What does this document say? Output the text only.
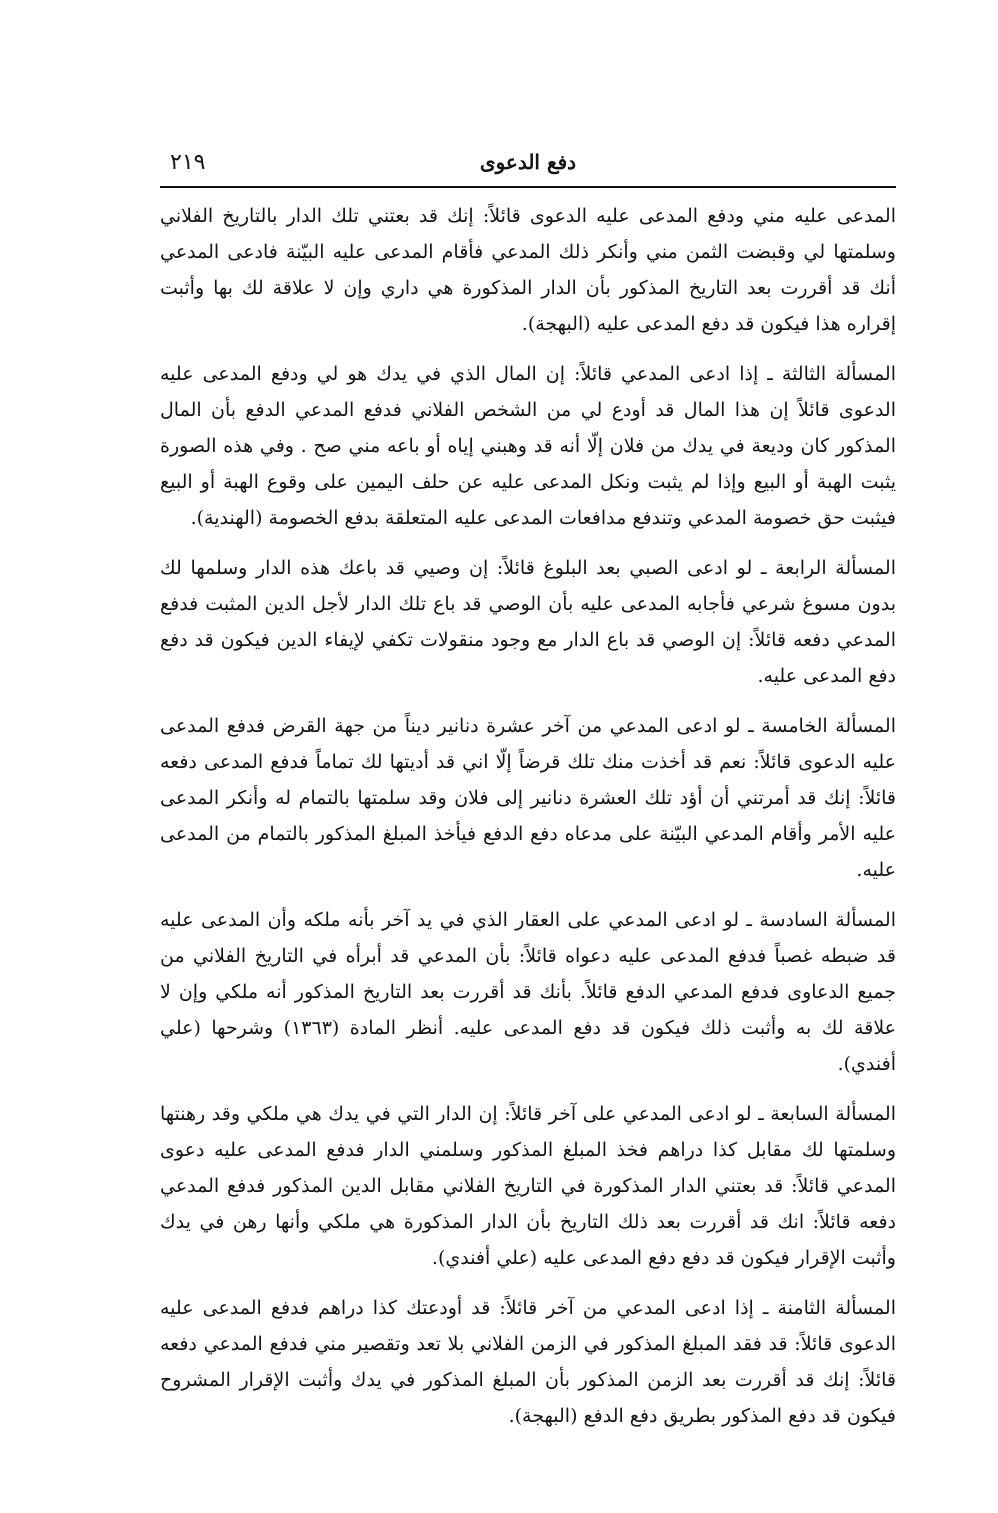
٢١٩	دفع الدعوى

المدعى عليه مني ودفع المدعى عليه الدعوى قائلاً: إنك قد بعتني تلك الدار بالتاريخ الفلاني وسلمتها لي وقبضت الثمن مني وأنكر ذلك المدعي فأقام المدعى عليه البيّنة فادعى المدعي أنك قد أقررت بعد التاريخ المذكور بأن الدار المذكورة هي داري وإن لا علاقة لك بها وأثبت إقراره هذا فيكون قد دفع المدعى عليه (البهجة).

المسألة الثالثة ـ إذا ادعى المدعي قائلاً: إن المال الذي في يدك هو لي ودفع المدعى عليه الدعوى قائلاً إن هذا المال قد أودع لي من الشخص الفلاني فدفع المدعي الدفع بأن المال المذكور كان وديعة في يدك من فلان إلّا أنه قد وهبني إياه أو باعه مني صح . وفي هذه الصورة يثبت الهبة أو البيع وإذا لم يثبت ونكل المدعى عليه عن حلف اليمين على وقوع الهبة أو البيع فيثبت حق خصومة المدعي وتندفع مدافعات المدعى عليه المتعلقة بدفع الخصومة (الهندية).

المسألة الرابعة ـ لو ادعى الصبي بعد البلوغ قائلاً: إن وصيي قد باعك هذه الدار وسلمها لك بدون مسوغ شرعي فأجابه المدعى عليه بأن الوصي قد باع تلك الدار لأجل الدين المثبت فدفع المدعي دفعه قائلاً: إن الوصي قد باع الدار مع وجود منقولات تكفي لإيفاء الدين فيكون قد دفع دفع المدعى عليه.

المسألة الخامسة ـ لو ادعى المدعي من آخر عشرة دنانير ديناً من جهة القرض فدفع المدعى عليه الدعوى قائلاً: نعم قد أخذت منك تلك قرضاً إلّا اني قد أديتها لك تماماً فدفع المدعى دفعه قائلاً: إنك قد أمرتني أن أؤد تلك العشرة دنانير إلى فلان وقد سلمتها بالتمام له وأنكر المدعى عليه الأمر وأقام المدعي البيّنة على مدعاه دفع الدفع فيأخذ المبلغ المذكور بالتمام من المدعى عليه.

المسألة السادسة ـ لو ادعى المدعي على العقار الذي في يد آخر بأنه ملكه وأن المدعى عليه قد ضبطه غصباً فدفع المدعى عليه دعواه قائلاً: بأن المدعي قد أبرأه في التاريخ الفلاني من جميع الدعاوى فدفع المدعي الدفع قائلاً. بأنك قد أقررت بعد التاريخ المذكور أنه ملكي وإن لا علاقة لك به وأثبت ذلك فيكون قد دفع المدعى عليه. أنظر المادة (١٣٦٣) وشرحها (علي أفندي).

المسألة السابعة ـ لو ادعى المدعي على آخر قائلاً: إن الدار التي في يدك هي ملكي وقد رهنتها وسلمتها لك مقابل كذا دراهم فخذ المبلغ المذكور وسلمني الدار فدفع المدعى عليه دعوى المدعي قائلاً: قد بعتني الدار المذكورة في التاريخ الفلاني مقابل الدين المذكور فدفع المدعي دفعه قائلاً: انك قد أقررت بعد ذلك التاريخ بأن الدار المذكورة هي ملكي وأنها رهن في يدك وأثبت الإقرار فيكون قد دفع دفع المدعى عليه (علي أفندي).

المسألة الثامنة ـ إذا ادعى المدعي من آخر قائلاً: قد أودعتك كذا دراهم فدفع المدعى عليه الدعوى قائلاً: قد فقد المبلغ المذكور في الزمن الفلاني بلا تعد وتقصير مني فدفع المدعي دفعه قائلاً: إنك قد أقررت بعد الزمن المذكور بأن المبلغ المذكور في يدك وأثبت الإقرار المشروح فيكون قد دفع المذكور بطريق دفع الدفع (البهجة).
